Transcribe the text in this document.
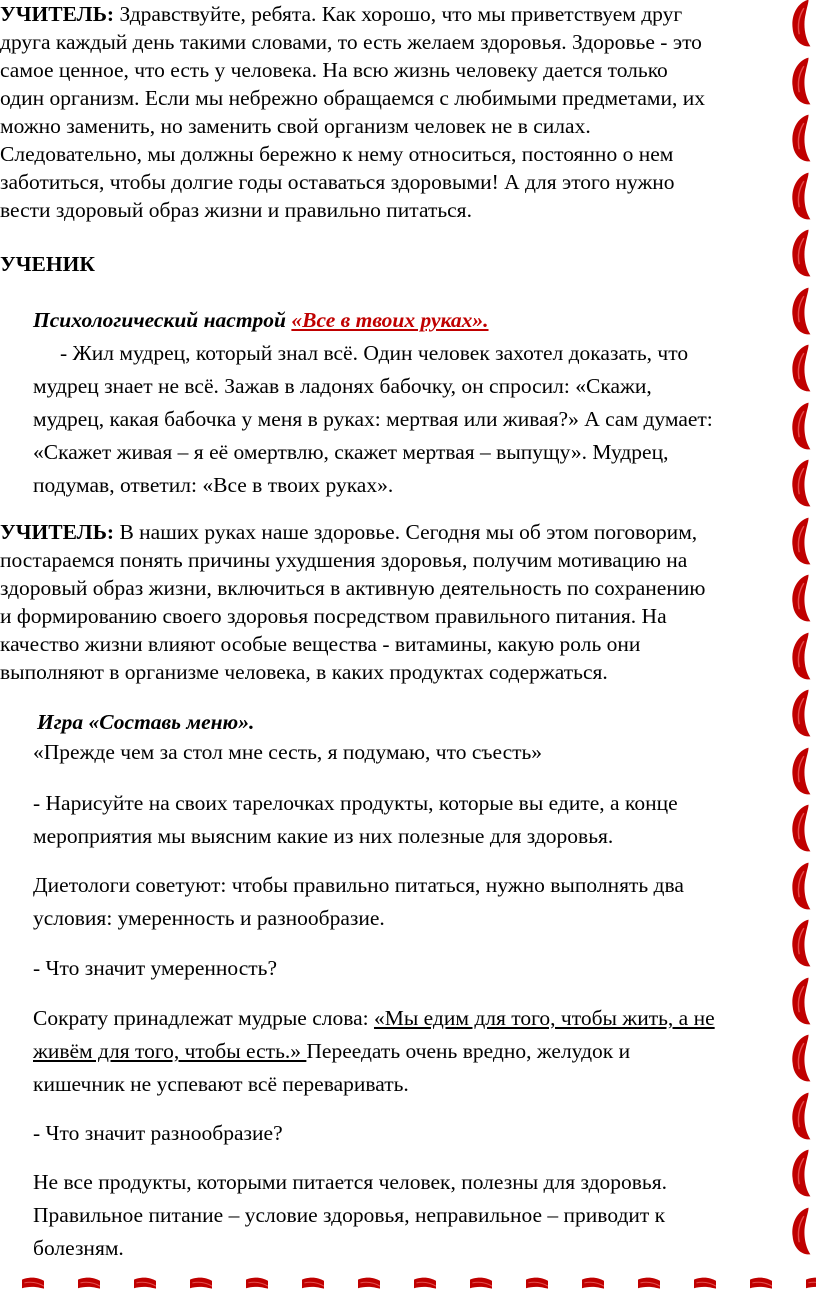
УЧИТЕЛЬ: Здравствуйте, ребята. Как хорошо, что мы приветствуем друг
друга каждый день такими словами, то есть желаем здоровья. Здоровье - это
самое ценное, что есть у человека. На всю жизнь человеку дается только
один организм. Если мы небрежно обращаемся с любимыми предметами, их
можно заменить, но заменить свой организм человек не в силах.
Следовательно, мы должны бережно к нему относиться, постоянно о нем
заботиться, чтобы долгие годы оставаться здоровыми! А для этого нужно
вести здоровый образ жизни и правильно питаться.
УЧЕНИК
Психологический настрой «Все в твоих руках».
- Жил мудрец, который знал всё. Один человек захотел доказать, что
мудрец знает не всё. Зажав в ладонях бабочку, он спросил: «Скажи,
мудрец, какая бабочка у меня в руках: мертвая или живая?» А сам думает:
«Скажет живая – я её омертвлю, скажет мертвая – выпущу». Мудрец,
подумав, ответил: «Все в твоих руках».
УЧИТЕЛЬ: В наших руках наше здоровье. Сегодня мы об этом поговорим,
постараемся понять причины ухудшения здоровья, получим мотивацию на
здоровый образ жизни, включиться в активную деятельность по сохранению
и формированию своего здоровья посредством правильного питания. На
качество жизни влияют особые вещества - витамины, какую роль они
выполняют в организме человека, в каких продуктах содержаться.
Игра «Составь меню».
«Прежде чем за стол мне сесть, я подумаю, что съесть»
- Нарисуйте на своих тарелочках продукты, которые вы едите, а конце
мероприятия мы выясним какие из них полезные для здоровья.
Диетологи советуют: чтобы правильно питаться, нужно выполнять два
условия: умеренность и разнообразие.
- Что значит умеренность?
Сократу принадлежат мудрые слова: «Мы едим для того, чтобы жить, а не
живём для того, чтобы есть.» Переедать очень вредно, желудок и
кишечник не успевают всё переваривать.
- Что значит разнообразие?
Не все продукты, которыми питается человек, полезны для здоровья.
Правильное питание – условие здоровья, неправильное – приводит к
болезням.
